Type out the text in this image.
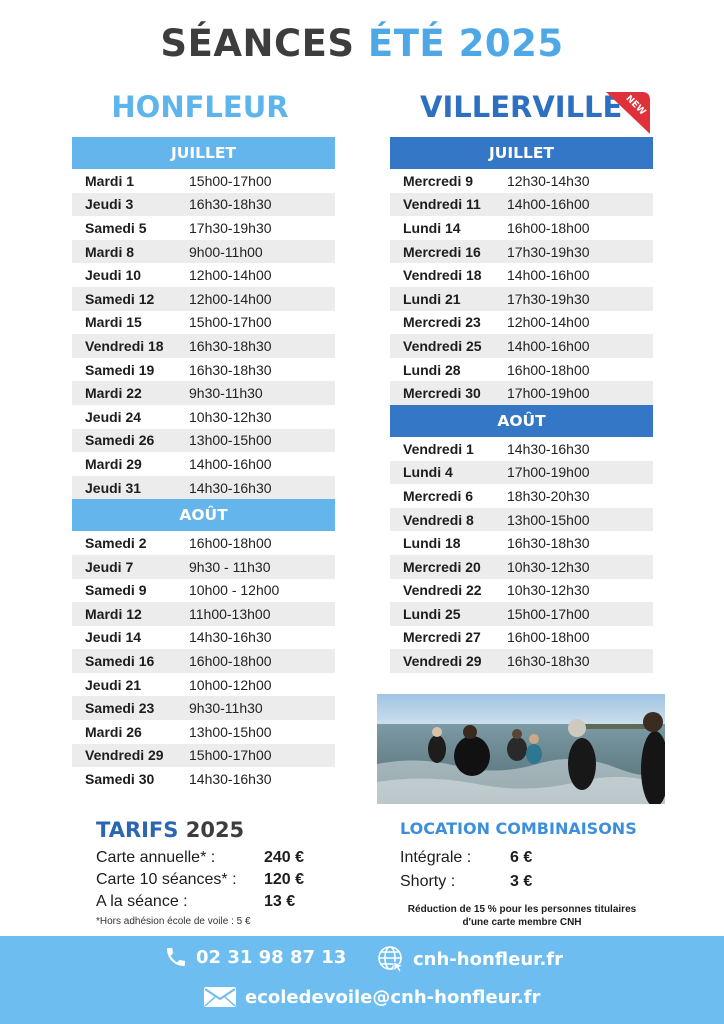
SÉANCES ÉTÉ 2025
HONFLEUR	VILLERVILLE NEW
JUILLET
Mardi 1	15h00-17h00
Jeudi 3	16h30-18h30
Samedi 5	17h30-19h30
Mardi 8	9h00-11h00
Jeudi 10	12h00-14h00
Samedi 12	12h00-14h00
Mardi 15	15h00-17h00
Vendredi 18	16h30-18h30
Samedi 19	16h30-18h30
Mardi 22	9h30-11h30
Jeudi 24	10h30-12h30
Samedi 26	13h00-15h00
Mardi 29	14h00-16h00
Jeudi 31	14h30-16h30
AOÛT
Samedi 2	16h00-18h00
Jeudi 7	9h30 - 11h30
Samedi 9	10h00 - 12h00
Mardi 12	11h00-13h00
Jeudi 14	14h30-16h30
Samedi 16	16h00-18h00
Jeudi 21	10h00-12h00
Samedi 23	9h30-11h30
Mardi 26	13h00-15h00
Vendredi 29	15h00-17h00
Samedi 30	14h30-16h30
JUILLET
Mercredi 9	12h30-14h30
Vendredi 11	14h00-16h00
Lundi 14	16h00-18h00
Mercredi 16	17h30-19h30
Vendredi 18	14h00-16h00
Lundi 21	17h30-19h30
Mercredi 23	12h00-14h00
Vendredi 25	14h00-16h00
Lundi 28	16h00-18h00
Mercredi 30	17h00-19h00
AOÛT
Vendredi 1	14h30-16h30
Lundi 4	17h00-19h00
Mercredi 6	18h30-20h30
Vendredi 8	13h00-15h00
Lundi 18	16h30-18h30
Mercredi 20	10h30-12h30
Vendredi 22	10h30-12h30
Lundi 25	15h00-17h00
Mercredi 27	16h00-18h00
Vendredi 29	16h30-18h30
TARIFS 2025
Carte annuelle* :	240 €
Carte 10 séances* :	120 €
A la séance :	13 €
*Hors adhésion école de voile : 5 €
LOCATION COMBINAISONS
Intégrale :	6 €
Shorty :	3 €
Réduction de 15 % pour les personnes titulaires d'une carte membre CNH
02 31 98 87 13	cnh-honfleur.fr
ecoledevoile@cnh-honfleur.fr
